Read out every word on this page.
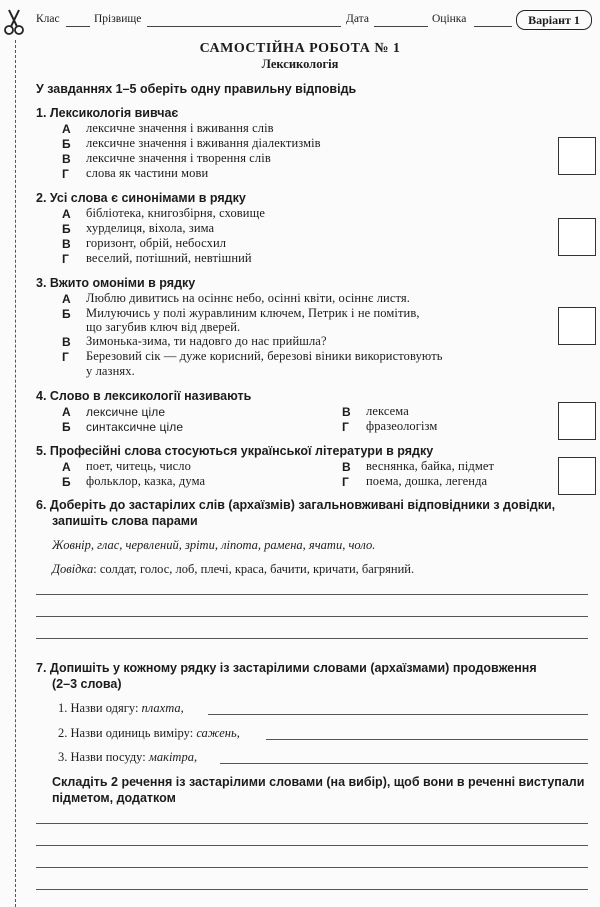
Клас	Прізвище	Дата	Оцінка	Варіант 1
САМОСТІЙНА РОБОТА № 1
Лексикологія
У завданнях 1–5 оберіть одну правильну відповідь
1. Лексикологія вивчає
А лексичне значення і вживання слів
Б лексичне значення і вживання діалектизмів
В лексичне значення і творення слів
Г слова як частини мови
2. Усі слова є синонімами в рядку
А бібліотека, книгозбірня, сховище
Б хурделиця, віхола, зима
В горизонт, обрій, небосхил
Г веселий, потішний, невтішний
3. Вжито омоніми в рядку
А Люблю дивитись на осіннє небо, осінні квіти, осіннє листя.
Б Милуючись у полі журавлиним ключем, Петрик і не помітив,
що загубив ключ від дверей.
В Зимонька-зима, ти надовго до нас прийшла?
Г Березовий сік — дуже корисний, березові віники використовують
у лазнях.
4. Слово в лексикології називають
А лексичне ціле
Б синтаксичне ціле
В лексема
Г фразеологізм
5. Професійні слова стосуються української літератури в рядку
А поет, читець, число
Б фольклор, казка, дума
В веснянка, байка, підмет
Г поема, дошка, легенда
6. Доберіть до застарілих слів (архаїзмів) загальновживані відповідники з довідки,
запишіть слова парами
Жовнір, глас, червлений, зріти, ліпота, рамена, ячати, чоло.
Довідка: солдат, голос, лоб, плечі, краса, бачити, кричати, багряний.
7. Допишіть у кожному рядку із застарілими словами (архаїзмами) продовження
(2–3 слова)
1. Назви одягу: плахта,
2. Назви одиниць виміру: сажень,
3. Назви посуду: макітра,
Складіть 2 речення із застарілими словами (на вибір), щоб вони в реченні виступали
підметом, додатком
